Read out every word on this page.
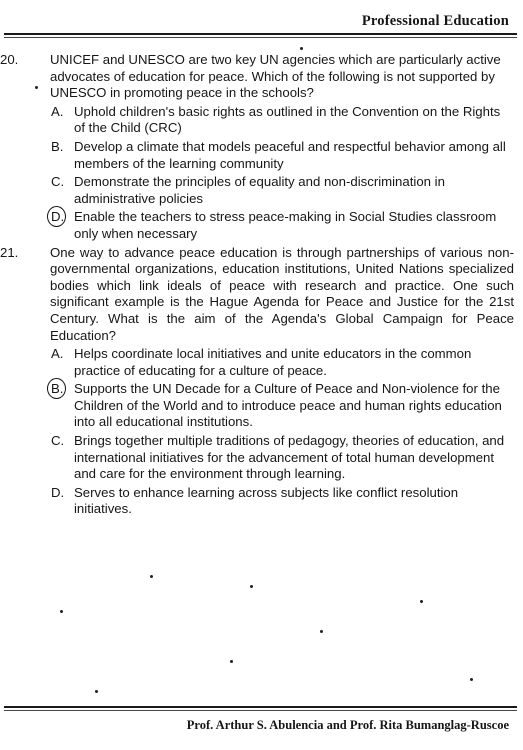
Professional Education
20. UNICEF and UNESCO are two key UN agencies which are particularly active advocates of education for peace. Which of the following is not supported by UNESCO in promoting peace in the schools?
A. Uphold children's basic rights as outlined in the Convention on the Rights of the Child (CRC)
B. Develop a climate that models peaceful and respectful behavior among all members of the learning community
C. Demonstrate the principles of equality and non-discrimination in administrative policies
D. Enable the teachers to stress peace-making in Social Studies classroom only when necessary
21. One way to advance peace education is through partnerships of various non-governmental organizations, education institutions, United Nations specialized bodies which link ideals of peace with research and practice. One such significant example is the Hague Agenda for Peace and Justice for the 21st Century. What is the aim of the Agenda's Global Campaign for Peace Education?
A. Helps coordinate local initiatives and unite educators in the common practice of educating for a culture of peace.
B. Supports the UN Decade for a Culture of Peace and Non-violence for the Children of the World and to introduce peace and human rights education into all educational institutions.
C. Brings together multiple traditions of pedagogy, theories of education, and international initiatives for the advancement of total human development and care for the environment through learning.
D. Serves to enhance learning across subjects like conflict resolution initiatives.
Prof. Arthur S. Abulencia and Prof. Rita Bumanglag-Ruscoe
